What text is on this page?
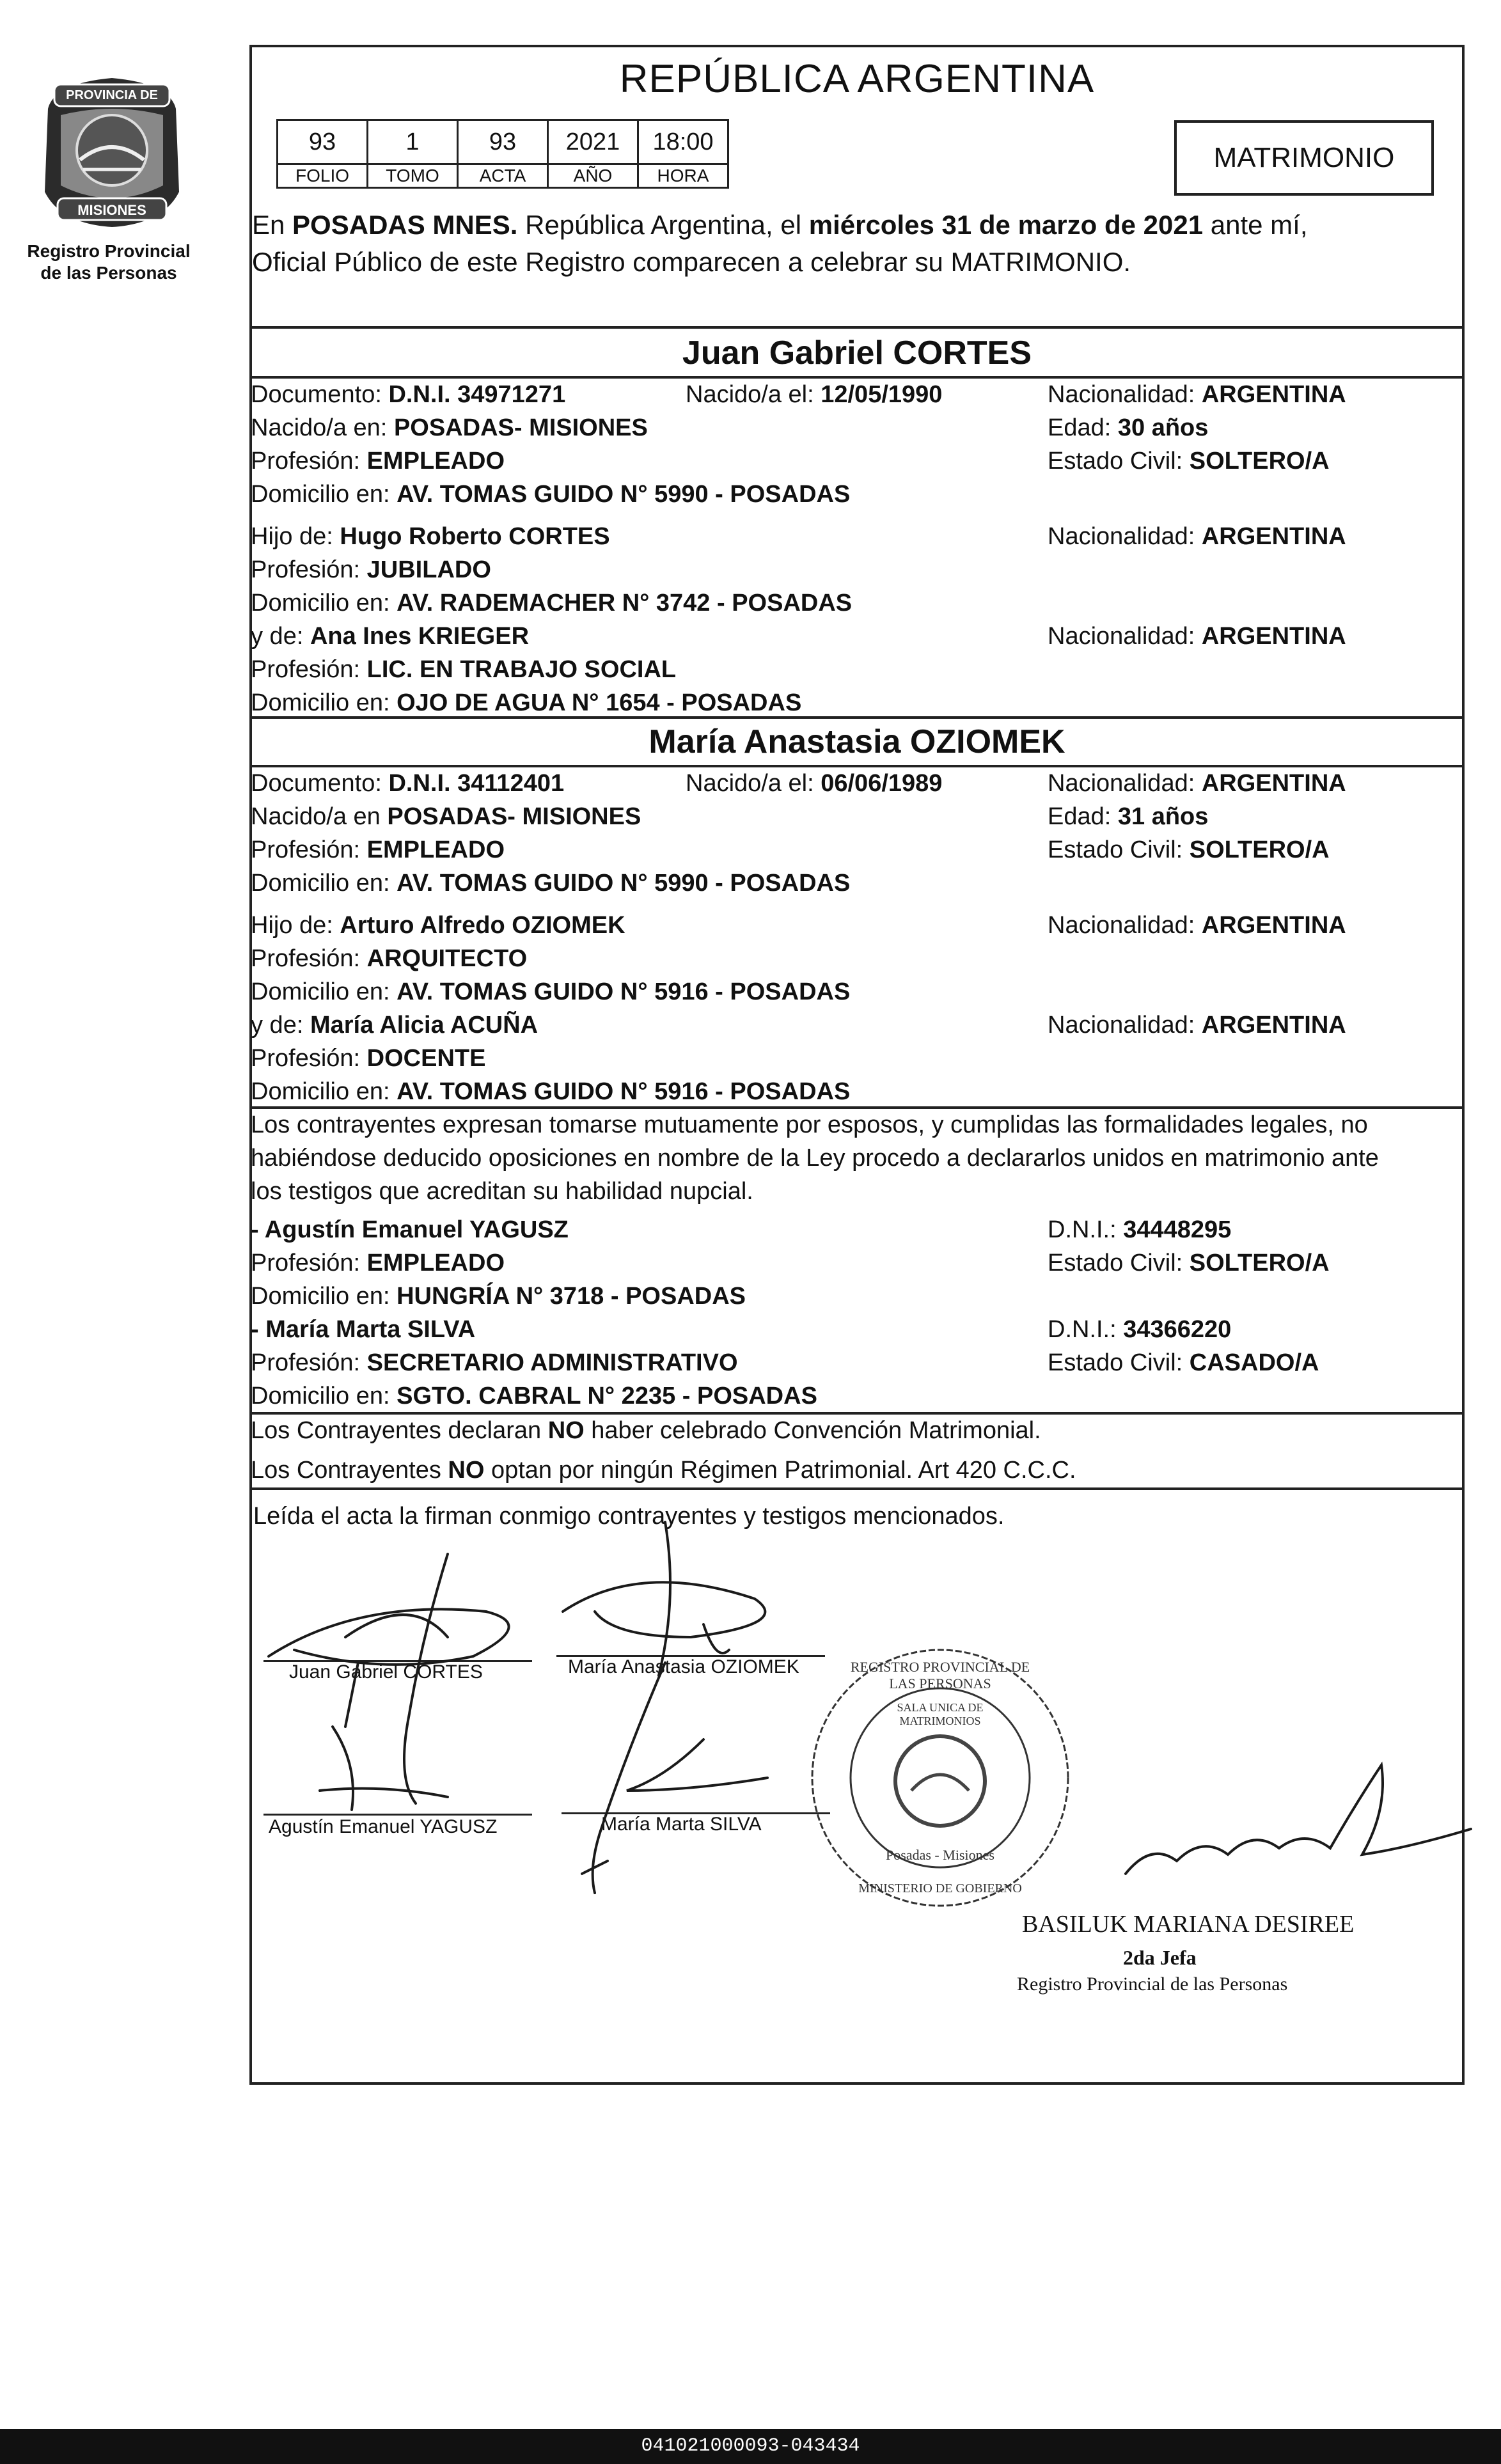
PROVINCIA DE
MISIONES
Registro Provincial
de las Personas
REPÚBLICA ARGENTINA
93	1	93	2021	18:00
FOLIO	TOMO	ACTA	AÑO	HORA
MATRIMONIO
En POSADAS MNES. República Argentina, el miércoles 31 de marzo de 2021 ante mí,
Oficial Público de este Registro comparecen a celebrar su MATRIMONIO.
Juan Gabriel CORTES
Documento: D.N.I. 34971271	Nacido/a el: 12/05/1990	Nacionalidad: ARGENTINA
Nacido/a en: POSADAS- MISIONES	Edad: 30 años
Profesión: EMPLEADO	Estado Civil: SOLTERO/A
Domicilio en: AV. TOMAS GUIDO N° 5990 - POSADAS
Hijo de: Hugo Roberto CORTES	Nacionalidad: ARGENTINA
Profesión: JUBILADO
Domicilio en: AV. RADEMACHER N° 3742 - POSADAS
y de: Ana Ines KRIEGER	Nacionalidad: ARGENTINA
Profesión: LIC. EN TRABAJO SOCIAL
Domicilio en: OJO DE AGUA N° 1654 - POSADAS
María Anastasia OZIOMEK
Documento: D.N.I. 34112401	Nacido/a el: 06/06/1989	Nacionalidad: ARGENTINA
Nacido/a en POSADAS- MISIONES	Edad: 31 años
Profesión: EMPLEADO	Estado Civil: SOLTERO/A
Domicilio en: AV. TOMAS GUIDO N° 5990 - POSADAS
Hijo de: Arturo Alfredo OZIOMEK	Nacionalidad: ARGENTINA
Profesión: ARQUITECTO
Domicilio en: AV. TOMAS GUIDO N° 5916 - POSADAS
y de: María Alicia ACUÑA	Nacionalidad: ARGENTINA
Profesión: DOCENTE
Domicilio en: AV. TOMAS GUIDO N° 5916 - POSADAS
Los contrayentes expresan tomarse mutuamente por esposos, y cumplidas las formalidades legales, no
habiéndose deducido oposiciones en nombre de la Ley procedo a declararlos unidos en matrimonio ante
los testigos que acreditan su habilidad nupcial.
- Agustín Emanuel YAGUSZ	D.N.I.: 34448295
Profesión: EMPLEADO	Estado Civil: SOLTERO/A
Domicilio en: HUNGRÍA N° 3718 - POSADAS
- María Marta SILVA	D.N.I.: 34366220
Profesión: SECRETARIO ADMINISTRATIVO	Estado Civil: CASADO/A
Domicilio en: SGTO. CABRAL N° 2235 - POSADAS
Los Contrayentes declaran NO haber celebrado Convención Matrimonial.
Los Contrayentes NO optan por ningún Régimen Patrimonial. Art 420 C.C.C.
Leída el acta la firman conmigo contrayentes y testigos mencionados.
Juan Gabriel CORTES	María Anastasia OZIOMEK
Agustín Emanuel YAGUSZ	María Marta SILVA
REGISTRO PROVINCIAL DE LAS PERSONAS
SALA UNICA DE MATRIMONIOS
Posadas - Misiones
MINISTERIO DE GOBIERNO
BASILUK MARIANA DESIREE
2da Jefa
Registro Provincial de las Personas
041021000093-043434
